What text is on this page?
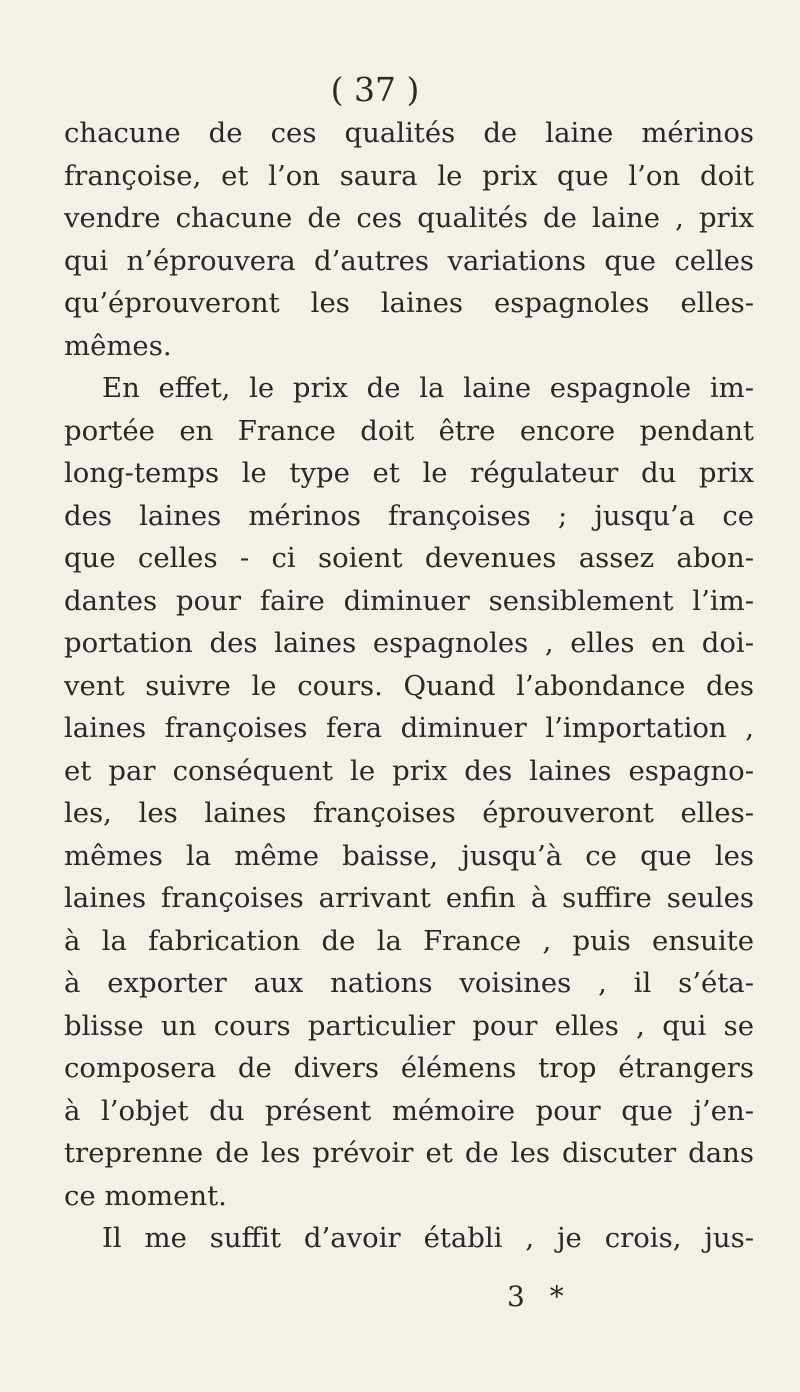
( 37 )
chacune de ces qualités de laine mérinos
françoise, et l’on saura le prix que l’on doit
vendre chacune de ces qualités de laine , prix
qui n’éprouvera d’autres variations que celles
qu’éprouveront les laines espagnoles elles-
mêmes.
En effet, le prix de la laine espagnole im-
portée en France doit être encore pendant
long-temps le type et le régulateur du prix
des laines mérinos françoises ; jusqu’a ce
que celles - ci soient devenues assez abon-
dantes pour faire diminuer sensiblement l’im-
portation des laines espagnoles , elles en doi-
vent suivre le cours. Quand l’abondance des
laines françoises fera diminuer l’importation ,
et par conséquent le prix des laines espagno-
les, les laines françoises éprouveront elles-
mêmes la même baisse, jusqu’à ce que les
laines françoises arrivant enfin à suffire seules
à la fabrication de la France , puis ensuite
à exporter aux nations voisines , il s’éta-
blisse un cours particulier pour elles , qui se
composera de divers élémens trop étrangers
à l’objet du présent mémoire pour que j’en-
treprenne de les prévoir et de les discuter dans
ce moment.
Il me suffit d’avoir établi , je crois, jus-
3 *
